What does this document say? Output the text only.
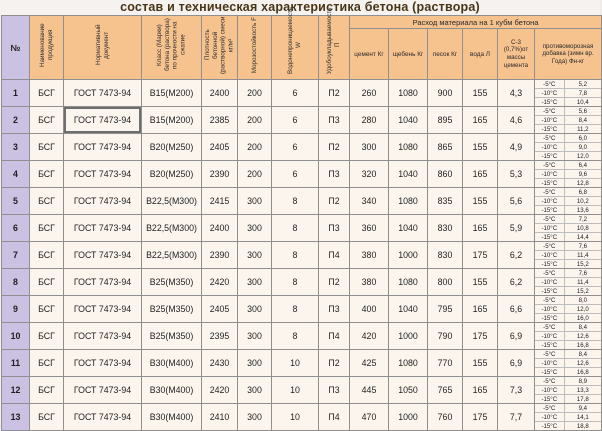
состав и техническая характеристика бетона (раствора)
№	Наименование продукция	Нормативный документ	Класс (Марки) бетона (раствора) по прочности на сжатие	Плотность бетонной (растворной) смеси кг/м³	Морозостойкость F	Водонепроницаемость W	Удобоукладываемость П	Расход материала на 1 кубм бетона					
								цемент Кг	щебень Кг	песок Кг	вода Л	С-3 (0,7%)от массы цемента	противоморозная добавка (зимн вр. Года) Фн-кг
1	БСГ	ГОСТ 7473-94	В15(М200)	2400	200	6	П2	260	1080	900	155	4,3	
-5°С	5,2
-10°С	7,8
-15°С	10,4

2	БСГ	ГОСТ 7473-94	В15(М200)	2385	200	6	П3	280	1040	895	165	4,6	
-5°С	5,6
-10°С	8,4
-15°С	11,2

3	БСГ	ГОСТ 7473-94	В20(М250)	2405	200	6	П2	300	1080	865	155	4,9	
-5°С	6,0
-10°С	9,0
-15°С	12,0

4	БСГ	ГОСТ 7473-94	В20(М250)	2390	200	6	П3	320	1040	860	165	5,3	
-5°С	6,4
-10°С	9,6
-15°С	12,8

5	БСГ	ГОСТ 7473-94	В22,5(М300)	2415	300	8	П2	340	1080	835	155	5,6	
-5°С	6,8
-10°С	10,2
-15°С	13,6

6	БСГ	ГОСТ 7473-94	В22,5(М300)	2400	300	8	П3	360	1040	830	165	5,9	
-5°С	7,2
-10°С	10,8
-15°С	14,4

7	БСГ	ГОСТ 7473-94	В22,5(М300)	2390	300	8	П4	380	1000	830	175	6,2	
-5°С	7,6
-10°С	11,4
-15°С	15,2

8	БСГ	ГОСТ 7473-94	В25(М350)	2420	300	8	П2	380	1080	800	155	6,2	
-5°С	7,6
-10°С	11,4
-15°С	15,2

9	БСГ	ГОСТ 7473-94	В25(М350)	2405	300	8	П3	400	1040	795	165	6,6	
-5°С	8,0
-10°С	12,0
-15°С	16,0

10	БСГ	ГОСТ 7473-94	В25(М350)	2395	300	8	П4	420	1000	790	175	6,9	
-5°С	8,4
-10°С	12,6
-15°С	16,8

11	БСГ	ГОСТ 7473-94	В30(М400)	2430	300	10	П2	425	1080	770	155	6,9	
-5°С	8,4
-10°С	12,6
-15°С	16,8

12	БСГ	ГОСТ 7473-94	В30(М400)	2420	300	10	П3	445	1050	765	165	7,3	
-5°С	8,9
-10°С	13,3
-15°С	17,8

13	БСГ	ГОСТ 7473-94	В30(М400)	2410	300	10	П4	470	1000	760	175	7,7	
-5°С	9,4
-10°С	14,1
-15°С	18,8
